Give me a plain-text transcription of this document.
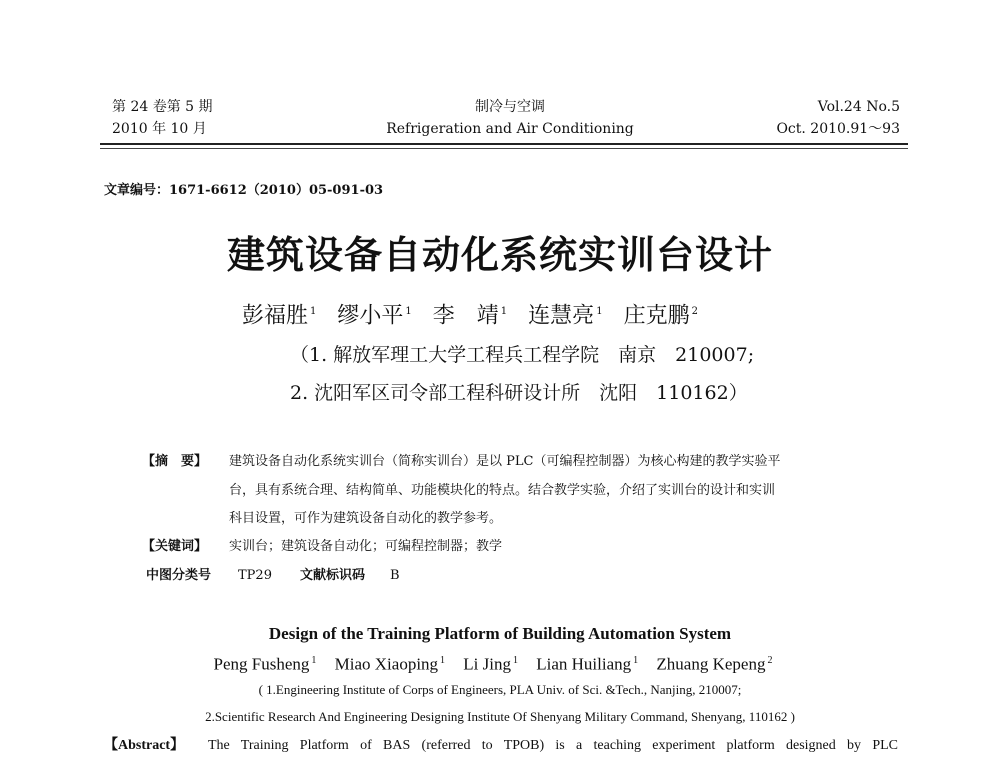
第 24 卷第 5 期
2010 年 10 月
制冷与空调
Refrigeration and Air Conditioning
Vol.24 No.5
Oct. 2010.91～93
文章编号：1671-6612（2010）05-091-03
建筑设备自动化系统实训台设计
彭福胜 $^1$ 缪小平 $^1$ 李　靖 $^1$ 连慧亮 $^1$ 庄克鹏 $^2$
（1. 解放军理工大学工程兵工程学院　南京　210007;
2. 沈阳军区司令部工程科研设计所　沈阳　110162）
【摘　要】 建筑设备自动化系统实训台（简称实训台）是以 PLC（可编程控制器）为核心构建的教学实验平
台，具有系统合理、结构简单、功能模块化的特点。结合教学实验，介绍了实训台的设计和实训
科目设置，可作为建筑设备自动化的教学参考。
【关键词】 实训台；建筑设备自动化；可编程控制器；教学
中图分类号 TP29 文献标识码 B
Design of the Training Platform of Building Automation System
Peng Fusheng $^1$ Miao Xiaoping $^1$ Li Jing $^1$ Lian Huiliang $^1$ Zhuang Kepeng $^2$
( 1.Engineering Institute of Corps of Engineers, PLA Univ. of Sci. &Tech., Nanjing, 210007;
2.Scientific Research And Engineering Designing Institute Of Shenyang Military Command, Shenyang, 110162 )
【Abstract】 The Training Platform of BAS (referred to TPOB) is a teaching experiment platform designed by PLC
